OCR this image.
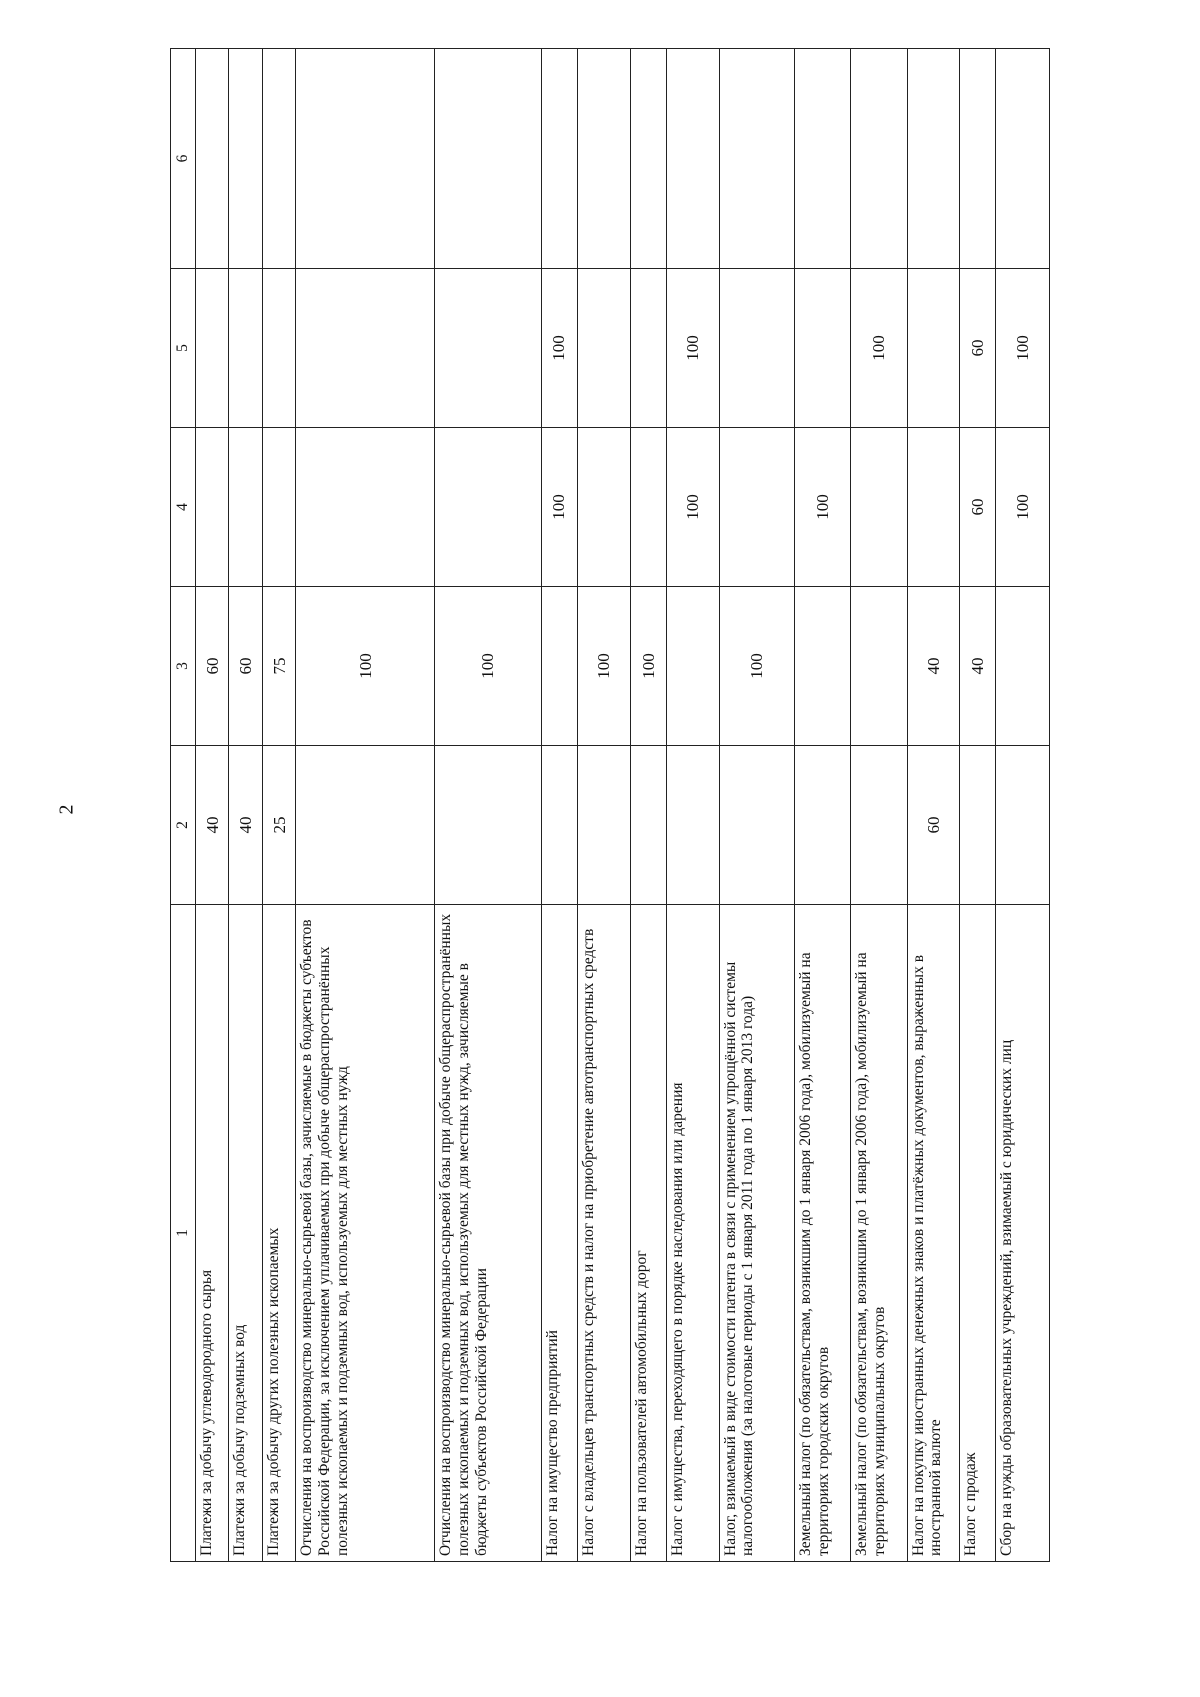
2
1	2	3	4	5	6
Платежи за добычу углеводородного сырья	40	60			
Платежи за добычу подземных вод	40	60			
Платежи за добычу других полезных ископаемых	25	75			
Отчисления на воспроизводство минерально-сырьевой базы, зачисляемые в бюджеты субъектов Российской Федерации, за исключением уплачиваемых при добыче общераспространённых полезных ископаемых и подземных вод, используемых для местных нужд		100			
Отчисления на воспроизводство минерально-сырьевой базы при добыче общераспространённых полезных ископаемых и подземных вод, используемых для местных нужд, зачисляемые в бюджеты субъектов Российской Федерации		100			
Налог на имущество предприятий			100	100	
Налог с владельцев транспортных средств и налог на приобретение автотранспортных средств		100			
Налог на пользователей автомобильных дорог		100			
Налог с имущества, переходящего в порядке наследования или дарения			100	100	
Налог, взимаемый в виде стоимости патента в связи с применением упрощённой системы налогообложения (за налоговые периоды с 1 января 2011 года по 1 января 2013 года)		100			
Земельный налог (по обязательствам, возникшим до 1 января 2006 года), мобилизуемый на территориях городских округов			100		
Земельный налог (по обязательствам, возникшим до 1 января 2006 года), мобилизуемый на территориях муниципальных округов				100	
Налог на покупку иностранных денежных знаков и платёжных документов, выраженных в иностранной валюте	60	40			
Налог с продаж		40	60	60	
Сбор на нужды образовательных учреждений, взимаемый с юридических лиц			100	100	
